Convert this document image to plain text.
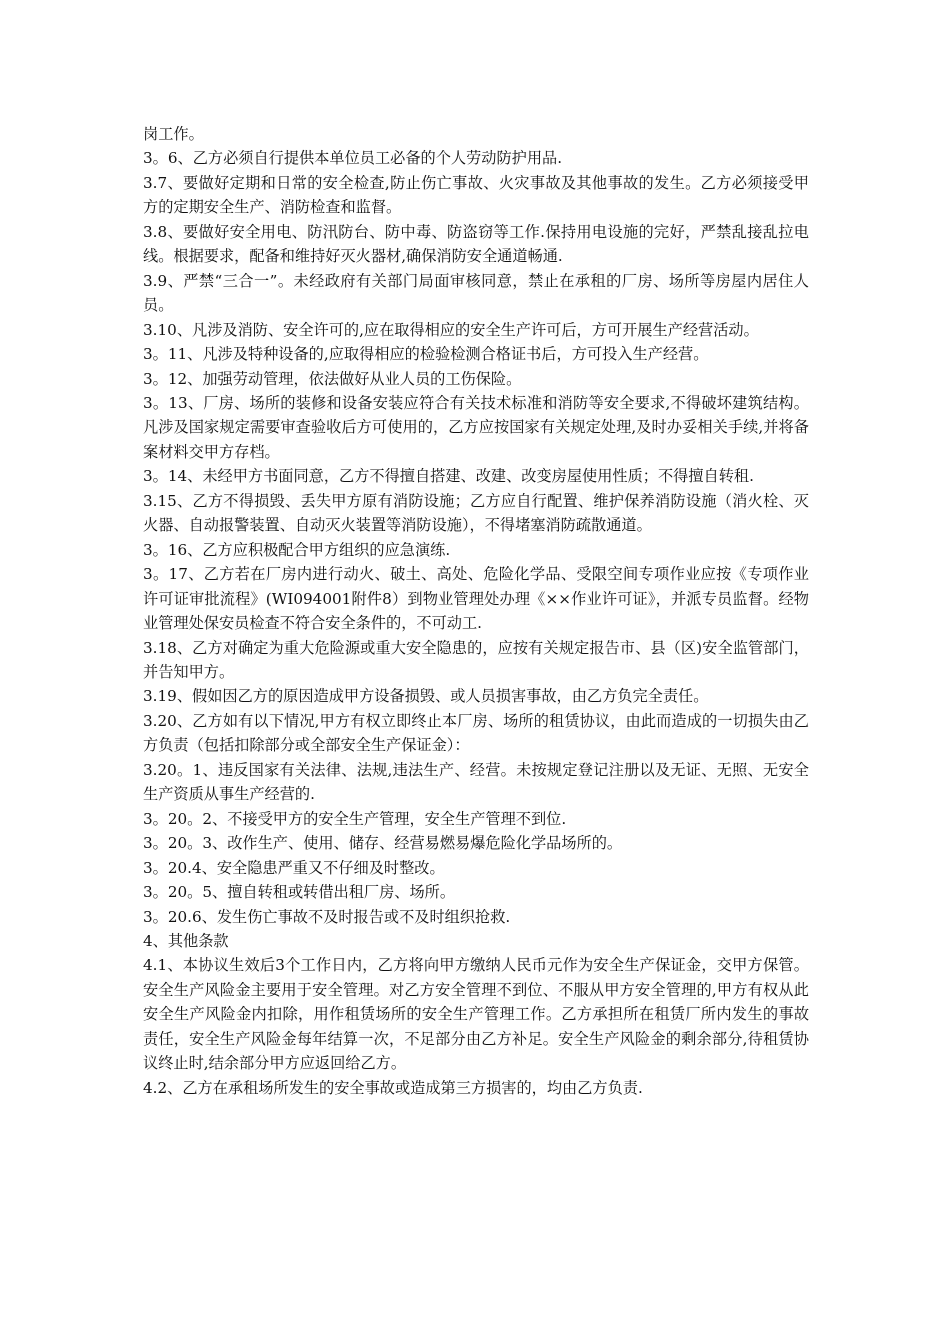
岗工作。

3。6、乙方必须自行提供本单位员工必备的个人劳动防护用品.

3.7、要做好定期和日常的安全检查,防止伤亡事故、火灾事故及其他事故的发生。乙方必须接受甲方的定期安全生产、消防检查和监督。

3.8、要做好安全用电、防汛防台、防中毒、防盗窃等工作.保持用电设施的完好，严禁乱接乱拉电线。根据要求，配备和维持好灭火器材,确保消防安全通道畅通.

3.9、严禁“三合一”。未经政府有关部门局面审核同意，禁止在承租的厂房、场所等房屋内居住人员。

3.10、凡涉及消防、安全许可的,应在取得相应的安全生产许可后，方可开展生产经营活动。

3。11、凡涉及特种设备的,应取得相应的检验检测合格证书后，方可投入生产经营。

3。12、加强劳动管理，依法做好从业人员的工伤保险。

3。13、厂房、场所的装修和设备安装应符合有关技术标准和消防等安全要求,不得破坏建筑结构。凡涉及国家规定需要审查验收后方可使用的，乙方应按国家有关规定处理,及时办妥相关手续,并将备案材料交甲方存档。

3。14、未经甲方书面同意，乙方不得擅自搭建、改建、改变房屋使用性质；不得擅自转租.

3.15、乙方不得损毁、丢失甲方原有消防设施；乙方应自行配置、维护保养消防设施（消火栓、灭火器、自动报警装置、自动灭火装置等消防设施），不得堵塞消防疏散通道。

3。16、乙方应积极配合甲方组织的应急演练.

3。17、乙方若在厂房内进行动火、破土、高处、危险化学品、受限空间专项作业应按《专项作业许可证审批流程》(WI094001附件8）到物业管理处办理《××作业许可证》，并派专员监督。经物业管理处保安员检查不符合安全条件的，不可动工.

3.18、乙方对确定为重大危险源或重大安全隐患的，应按有关规定报告市、县（区)安全监管部门，并告知甲方。

3.19、假如因乙方的原因造成甲方设备损毁、或人员损害事故，由乙方负完全责任。

3.20、乙方如有以下情况,甲方有权立即终止本厂房、场所的租赁协议，由此而造成的一切损失由乙方负责（包括扣除部分或全部安全生产保证金）：

3.20。1、违反国家有关法律、法规,违法生产、经营。未按规定登记注册以及无证、无照、无安全生产资质从事生产经营的.

3。20。2、不接受甲方的安全生产管理，安全生产管理不到位.

3。20。3、改作生产、使用、储存、经营易燃易爆危险化学品场所的。

3。20.4、安全隐患严重又不仔细及时整改。

3。20。5、擅自转租或转借出租厂房、场所。

3。20.6、发生伤亡事故不及时报告或不及时组织抢救.

4、其他条款

4.1、本协议生效后3个工作日内，乙方将向甲方缴纳人民币元作为安全生产保证金，交甲方保管。安全生产风险金主要用于安全管理。对乙方安全管理不到位、不服从甲方安全管理的,甲方有权从此安全生产风险金内扣除，用作租赁场所的安全生产管理工作。乙方承担所在租赁厂所内发生的事故责任，安全生产风险金每年结算一次，不足部分由乙方补足。安全生产风险金的剩余部分,待租赁协议终止时,结余部分甲方应返回给乙方。

4.2、乙方在承租场所发生的安全事故或造成第三方损害的，均由乙方负责.
